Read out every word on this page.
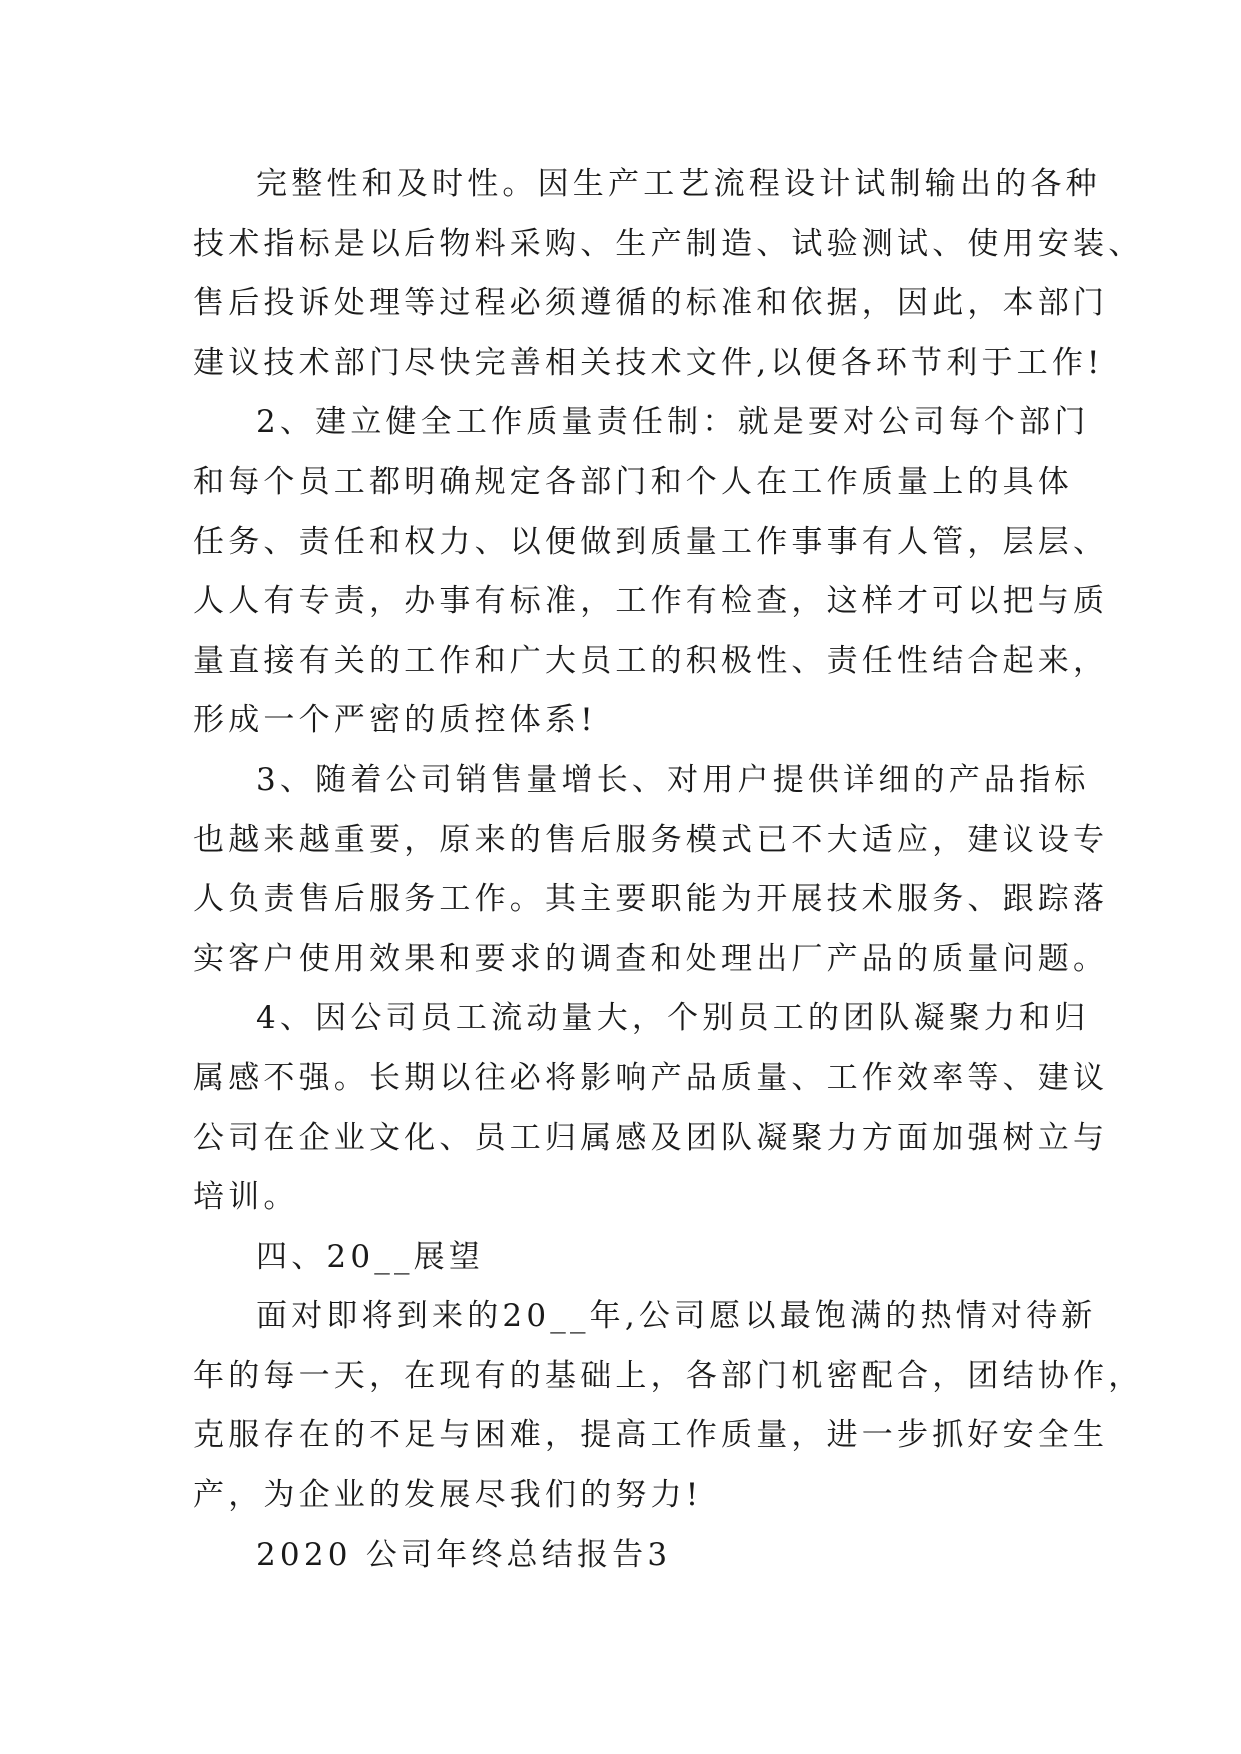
完整性和及时性。因生产工艺流程设计试制输出的各种
技术指标是以后物料采购、生产制造、试验测试、使用安装、
售后投诉处理等过程必须遵循的标准和依据，因此，本部门
建议技术部门尽快完善相关技术文件,以便各环节利于工作!
2、建立健全工作质量责任制：就是要对公司每个部门
和每个员工都明确规定各部门和个人在工作质量上的具体
任务、责任和权力、以便做到质量工作事事有人管，层层、
人人有专责，办事有标准，工作有检查，这样才可以把与质
量直接有关的工作和广大员工的积极性、责任性结合起来，
形成一个严密的质控体系!
3、随着公司销售量增长、对用户提供详细的产品指标
也越来越重要，原来的售后服务模式已不大适应，建议设专
人负责售后服务工作。其主要职能为开展技术服务、跟踪落
实客户使用效果和要求的调查和处理出厂产品的质量问题。
4、因公司员工流动量大，个别员工的团队凝聚力和归
属感不强。长期以往必将影响产品质量、工作效率等、建议
公司在企业文化、员工归属感及团队凝聚力方面加强树立与
培训。
四、20__展望
面对即将到来的20__年,公司愿以最饱满的热情对待新
年的每一天，在现有的基础上，各部门机密配合，团结协作，
克服存在的不足与困难，提高工作质量，进一步抓好安全生
产，为企业的发展尽我们的努力!
2020 公司年终总结报告3
